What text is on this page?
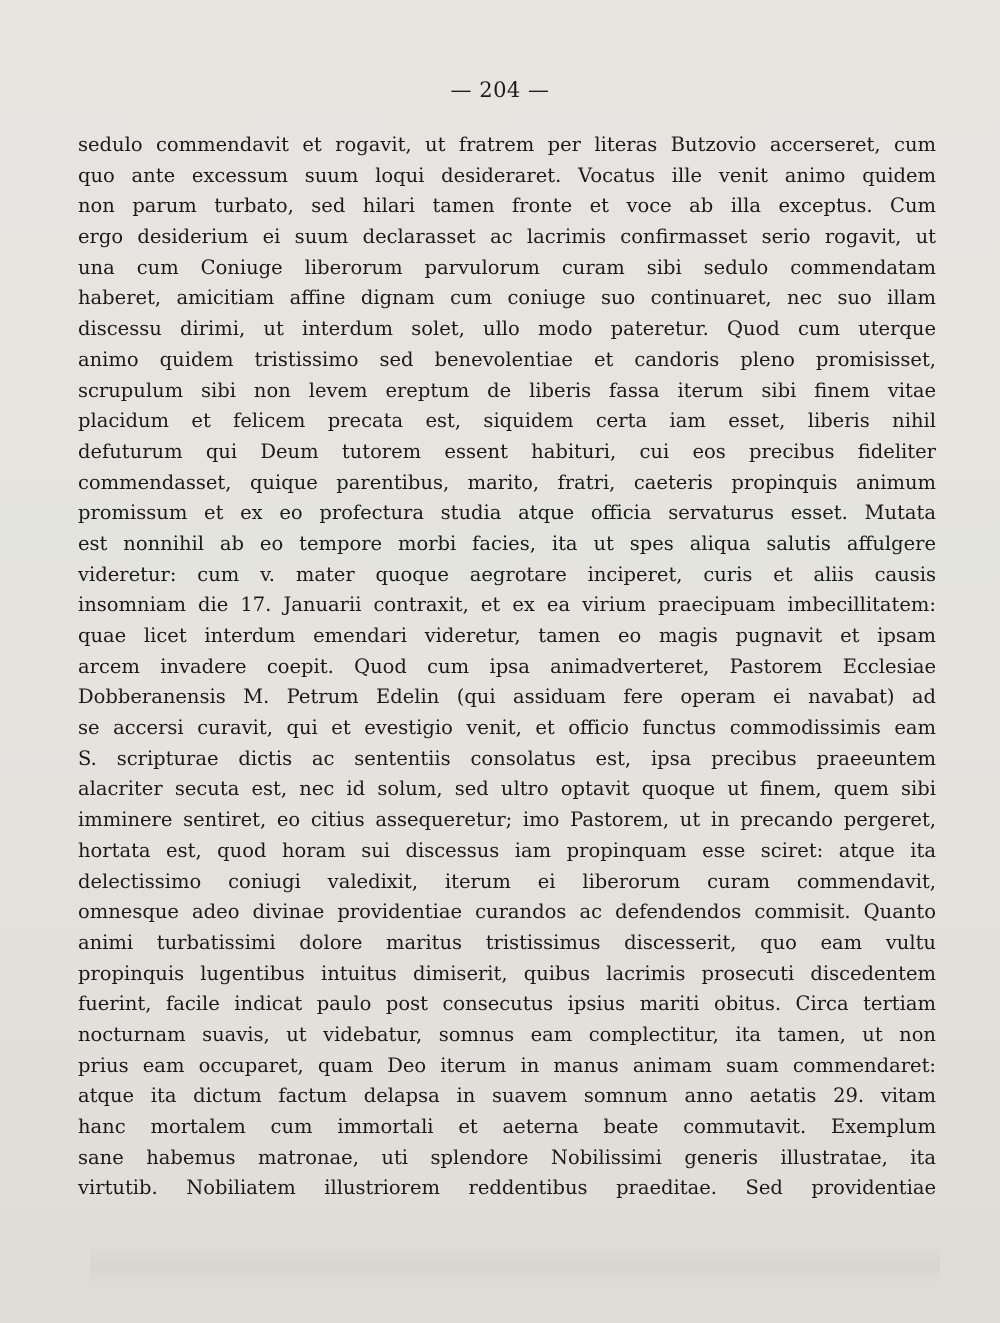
— 204 —
sedulo commendavit et rogavit, ut fratrem per literas Butzovio accerseret, cum
quo ante excessum suum loqui desideraret. Vocatus ille venit animo quidem
non parum turbato, sed hilari tamen fronte et voce ab illa exceptus. Cum
ergo desiderium ei suum declarasset ac lacrimis confirmasset serio rogavit, ut
una cum Coniuge liberorum parvulorum curam sibi sedulo commendatam
haberet, amicitiam affine dignam cum coniuge suo continuaret, nec suo illam
discessu dirimi, ut interdum solet, ullo modo pateretur. Quod cum uterque
animo quidem tristissimo sed benevolentiae et candoris pleno promisisset,
scrupulum sibi non levem ereptum de liberis fassa iterum sibi finem vitae
placidum et felicem precata est, siquidem certa iam esset, liberis nihil
defuturum qui Deum tutorem essent habituri, cui eos precibus fideliter
commendasset, quique parentibus, marito, fratri, caeteris propinquis animum
promissum et ex eo profectura studia atque officia servaturus esset. Mutata
est nonnihil ab eo tempore morbi facies, ita ut spes aliqua salutis affulgere
videretur: cum v. mater quoque aegrotare inciperet, curis et aliis causis
insomniam die 17. Januarii contraxit, et ex ea virium praecipuam imbecillitatem:
quae licet interdum emendari videretur, tamen eo magis pugnavit et ipsam
arcem invadere coepit. Quod cum ipsa animadverteret, Pastorem Ecclesiae
Dobberanensis M. Petrum Edelin (qui assiduam fere operam ei navabat) ad
se accersi curavit, qui et evestigio venit, et officio functus commodissimis eam
S. scripturae dictis ac sententiis consolatus est, ipsa precibus praeeuntem
alacriter secuta est, nec id solum, sed ultro optavit quoque ut finem, quem sibi
imminere sentiret, eo citius assequeretur; imo Pastorem, ut in precando pergeret,
hortata est, quod horam sui discessus iam propinquam esse sciret: atque ita
delectissimo coniugi valedixit, iterum ei liberorum curam commendavit,
omnesque adeo divinae providentiae curandos ac defendendos commisit. Quanto
animi turbatissimi dolore maritus tristissimus discesserit, quo eam vultu
propinquis lugentibus intuitus dimiserit, quibus lacrimis prosecuti discedentem
fuerint, facile indicat paulo post consecutus ipsius mariti obitus. Circa tertiam
nocturnam suavis, ut videbatur, somnus eam complectitur, ita tamen, ut non
prius eam occuparet, quam Deo iterum in manus animam suam commendaret:
atque ita dictum factum delapsa in suavem somnum anno aetatis 29. vitam
hanc mortalem cum immortali et aeterna beate commutavit. Exemplum
sane habemus matronae, uti splendore Nobilissimi generis illustratae, ita
virtutib. Nobiliatem illustriorem reddentibus praeditae. Sed providentiae
